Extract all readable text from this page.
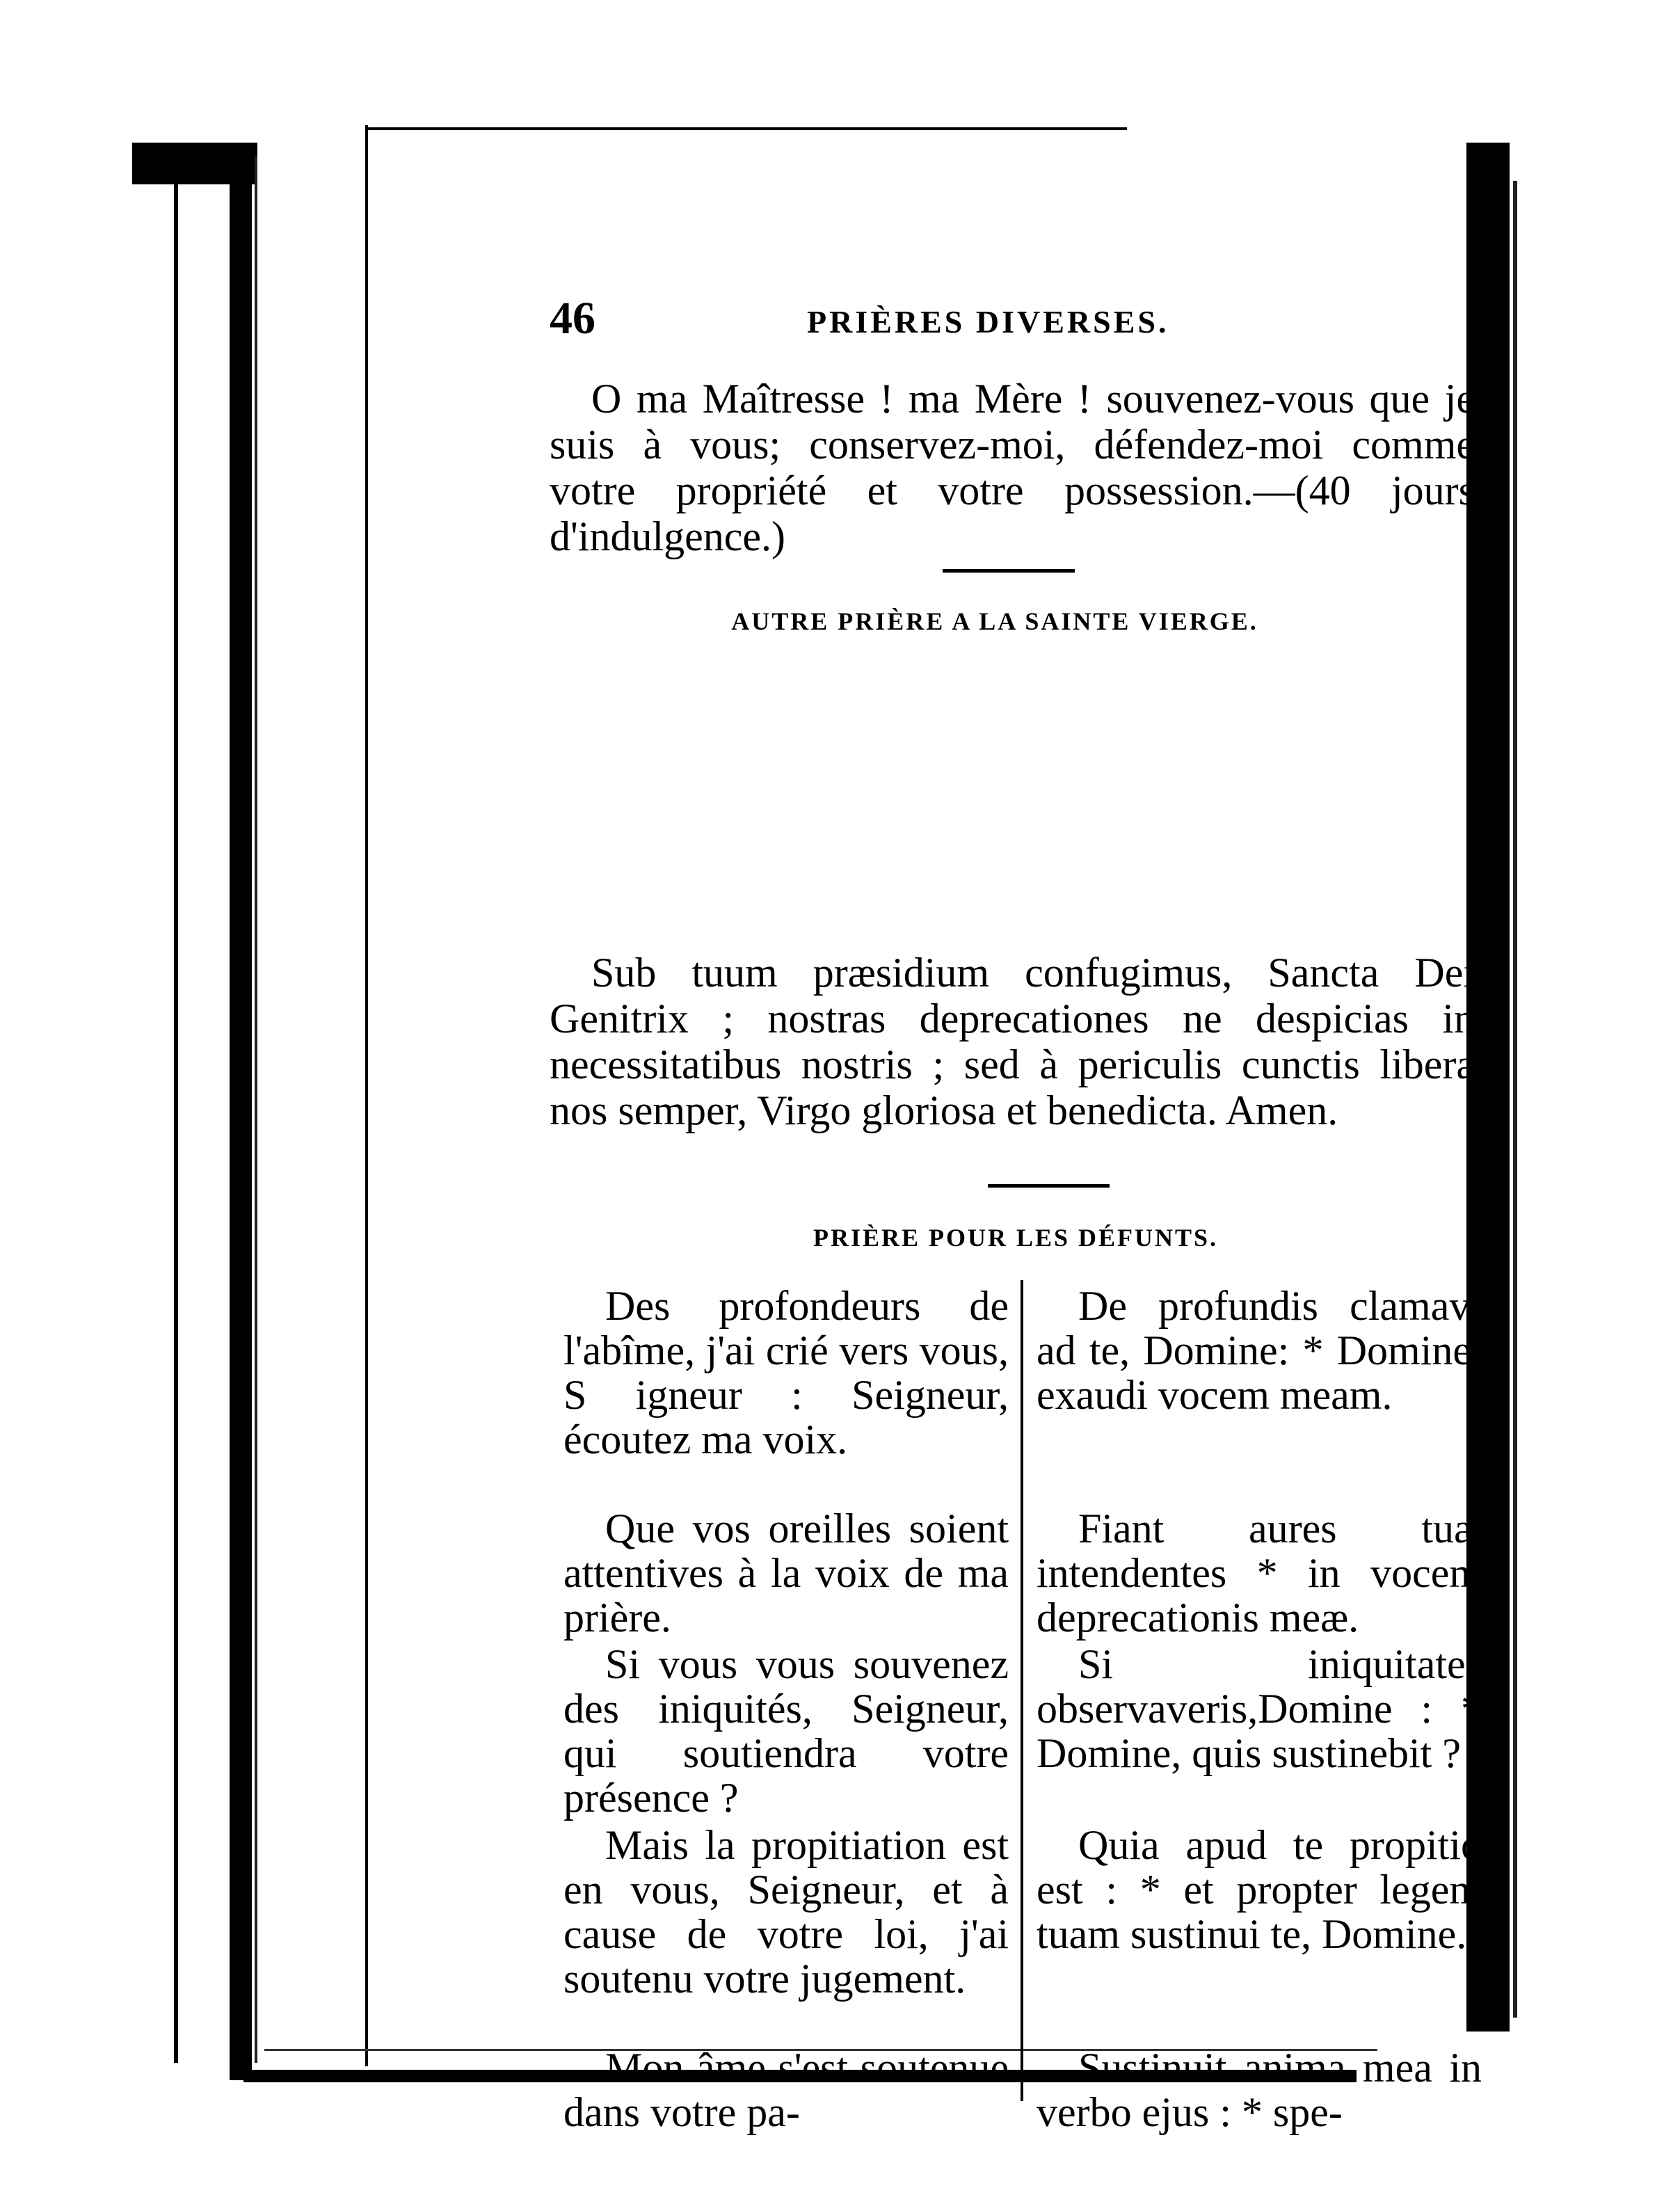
46	PRIÈRES DIVERSES.
O ma Maîtresse ! ma Mère ! souvenez-vous que je suis à vous; conservez-moi, défendez-moi comme votre propriété et votre possession.—(40 jours d'indulgence.)
AUTRE PRIÈRE A LA SAINTE VIERGE.
Sub tuum præsidium confugimus, Sancta Dei Genitrix ; nostras deprecationes ne despicias in necessitatibus nostris ; sed à periculis cunctis libera nos semper, Virgo gloriosa et benedicta. Amen.
PRIÈRE POUR LES DÉFUNTS.
Des profondeurs de l'abîme, j'ai crié vers vous, S igneur : Seigneur, écoutez ma voix.
Que vos oreilles soient attentives à la voix de ma prière.
Si vous vous souvenez des iniquités, Seigneur, qui soutiendra votre présence ?
Mais la propitiation est en vous, Seigneur, et à cause de votre loi, j'ai soutenu votre jugement.
Mon âme s'est soutenue dans votre pa-
De profundis clamavi ad te, Domine: * Domine, exaudi vocem meam.
Fiant aures tuæ intendentes * in vocem deprecationis meæ.
Si iniquitates observaveris,Domine : * Domine, quis sustinebit ?
Quia apud te propitio est : * et propter legem tuam sustinui te, Domine.
Sustinuit anima mea in verbo ejus : * spe-
